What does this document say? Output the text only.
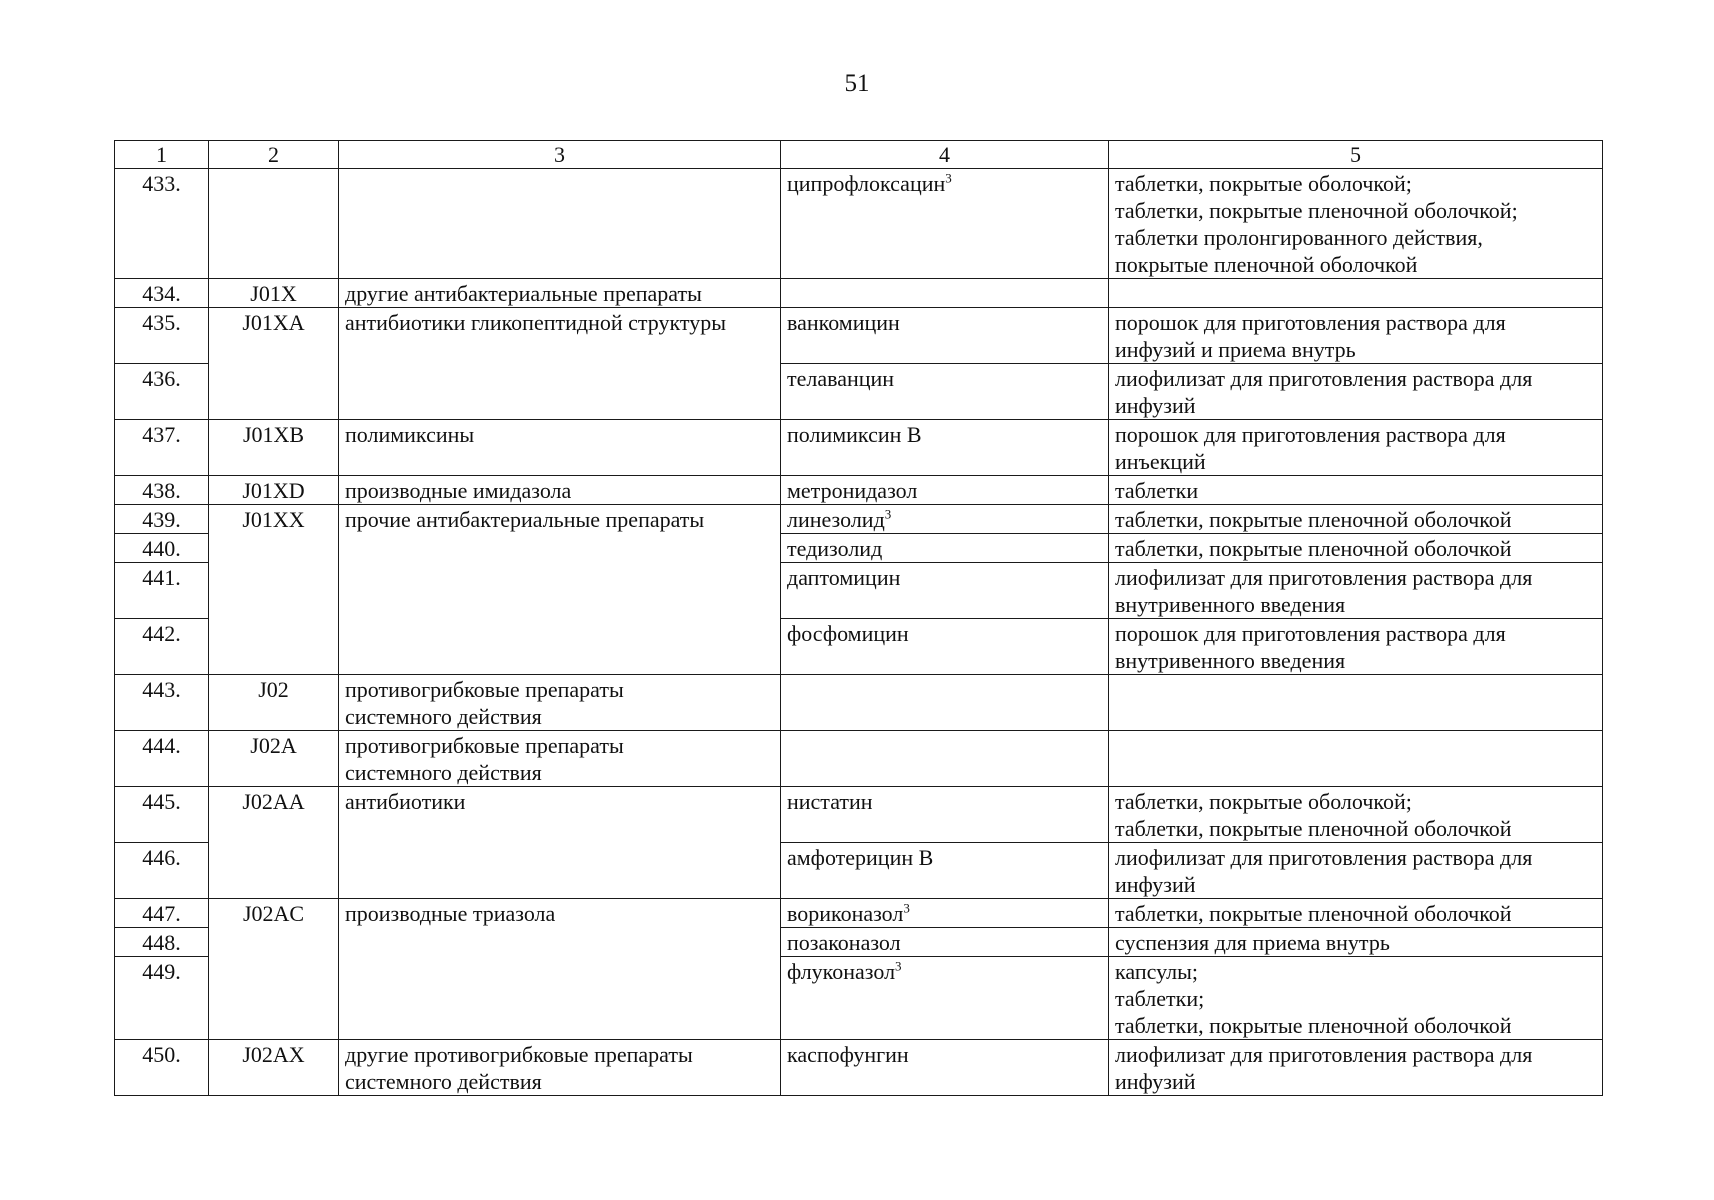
51
1	2	3	4	5
433.			ципрофлоксацин$^3$	таблетки, покрытые оболочкой;
таблетки, покрытые пленочной оболочкой;
таблетки пролонгированного действия,
покрытые пленочной оболочкой

434.	J01X	другие антибактериальные препараты		

435.	J01XA	антибиотики гликопептидной структуры	ванкомицин	порошок для приготовления раствора для
инфузий и приема внутрь

436.			телаванцин	лиофилизат для приготовления раствора для
инфузий

437.	J01XB	полимиксины	полимиксин B	порошок для приготовления раствора для
инъекций

438.	J01XD	производные имидазола	метронидазол	таблетки

439.	J01XX	прочие антибактериальные препараты	линезолид$^3$	таблетки, покрытые пленочной оболочкой

440.			тедизолид	таблетки, покрытые пленочной оболочкой

441.			даптомицин	лиофилизат для приготовления раствора для
внутривенного введения

442.			фосфомицин	порошок для приготовления раствора для
внутривенного введения

443.	J02	противогрибковые препараты
системного действия		

444.	J02A	противогрибковые препараты
системного действия		

445.	J02AA	антибиотики	нистатин	таблетки, покрытые оболочкой;
таблетки, покрытые пленочной оболочкой

446.			амфотерицин B	лиофилизат для приготовления раствора для
инфузий

447.	J02AC	производные триазола	вориконазол$^3$	таблетки, покрытые пленочной оболочкой

448.			позаконазол	суспензия для приема внутрь

449.			флуконазол$^3$	капсулы;
таблетки;
таблетки, покрытые пленочной оболочкой

450.	J02AX	другие противогрибковые препараты
системного действия	каспофунгин	лиофилизат для приготовления раствора для
инфузий
